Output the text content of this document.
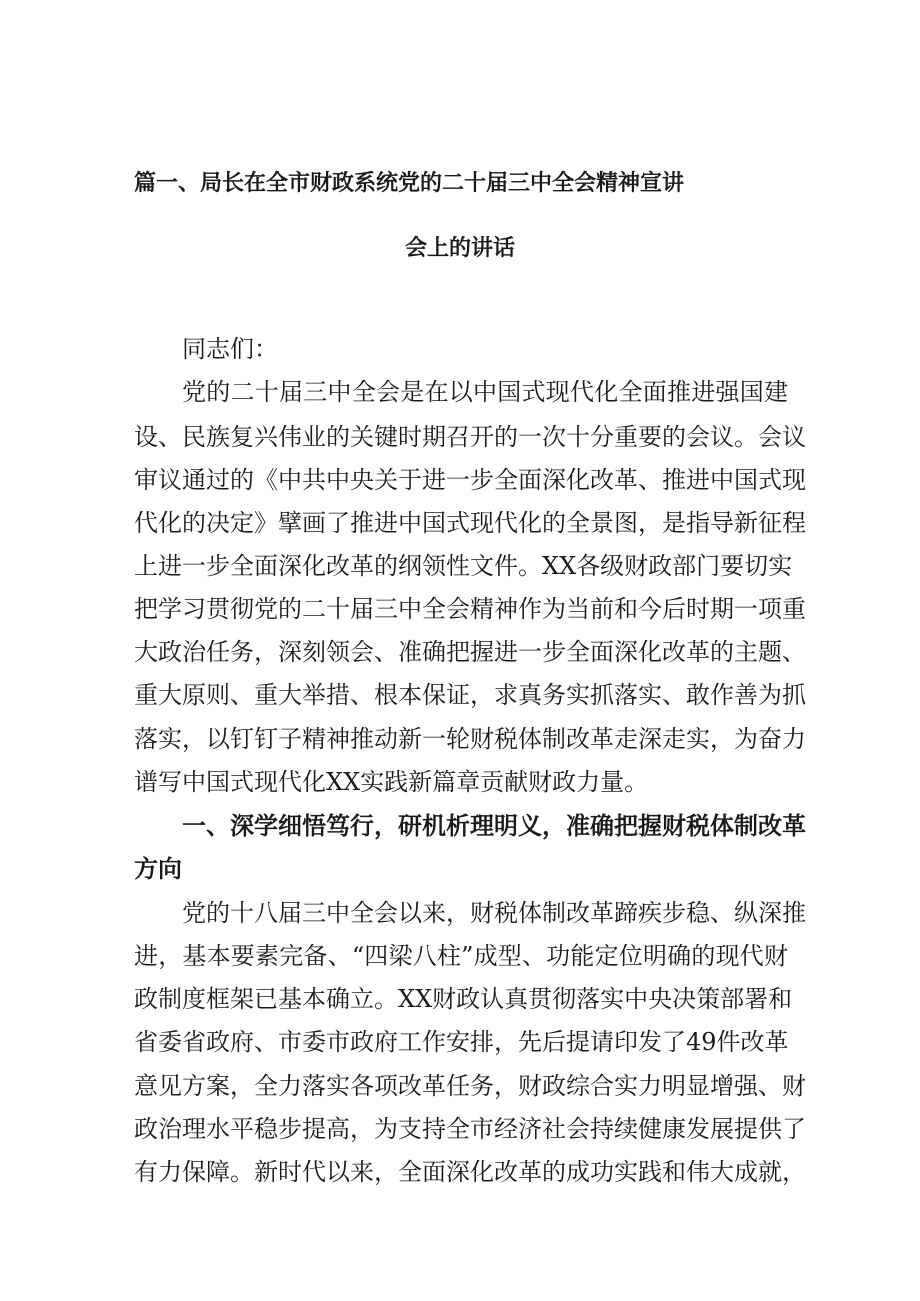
篇一、局长在全市财政系统党的二十届三中全会精神宣讲
会上的讲话

同志们：

党的二十届三中全会是在以中国式现代化全面推进强国建

设、民族复兴伟业的关键时期召开的一次十分重要的会议。会议

审议通过的《中共中央关于进一步全面深化改革、推进中国式现

代化的决定》擘画了推进中国式现代化的全景图，是指导新征程

上进一步全面深化改革的纲领性文件。XX各级财政部门要切实

把学习贯彻党的二十届三中全会精神作为当前和今后时期一项重

大政治任务，深刻领会、准确把握进一步全面深化改革的主题、

重大原则、重大举措、根本保证，求真务实抓落实、敢作善为抓

落实，以钉钉子精神推动新一轮财税体制改革走深走实，为奋力

谱写中国式现代化XX实践新篇章贡献财政力量。

一、深学细悟笃行，研机析理明义，准确把握财税体制改革

方向

党的十八届三中全会以来，财税体制改革蹄疾步稳、纵深推

进，基本要素完备、“四梁八柱”成型、功能定位明确的现代财

政制度框架已基本确立。XX财政认真贯彻落实中央决策部署和

省委省政府、市委市政府工作安排，先后提请印发了49件改革

意见方案，全力落实各项改革任务，财政综合实力明显增强、财

政治理水平稳步提高，为支持全市经济社会持续健康发展提供了

有力保障。新时代以来，全面深化改革的成功实践和伟大成就，
